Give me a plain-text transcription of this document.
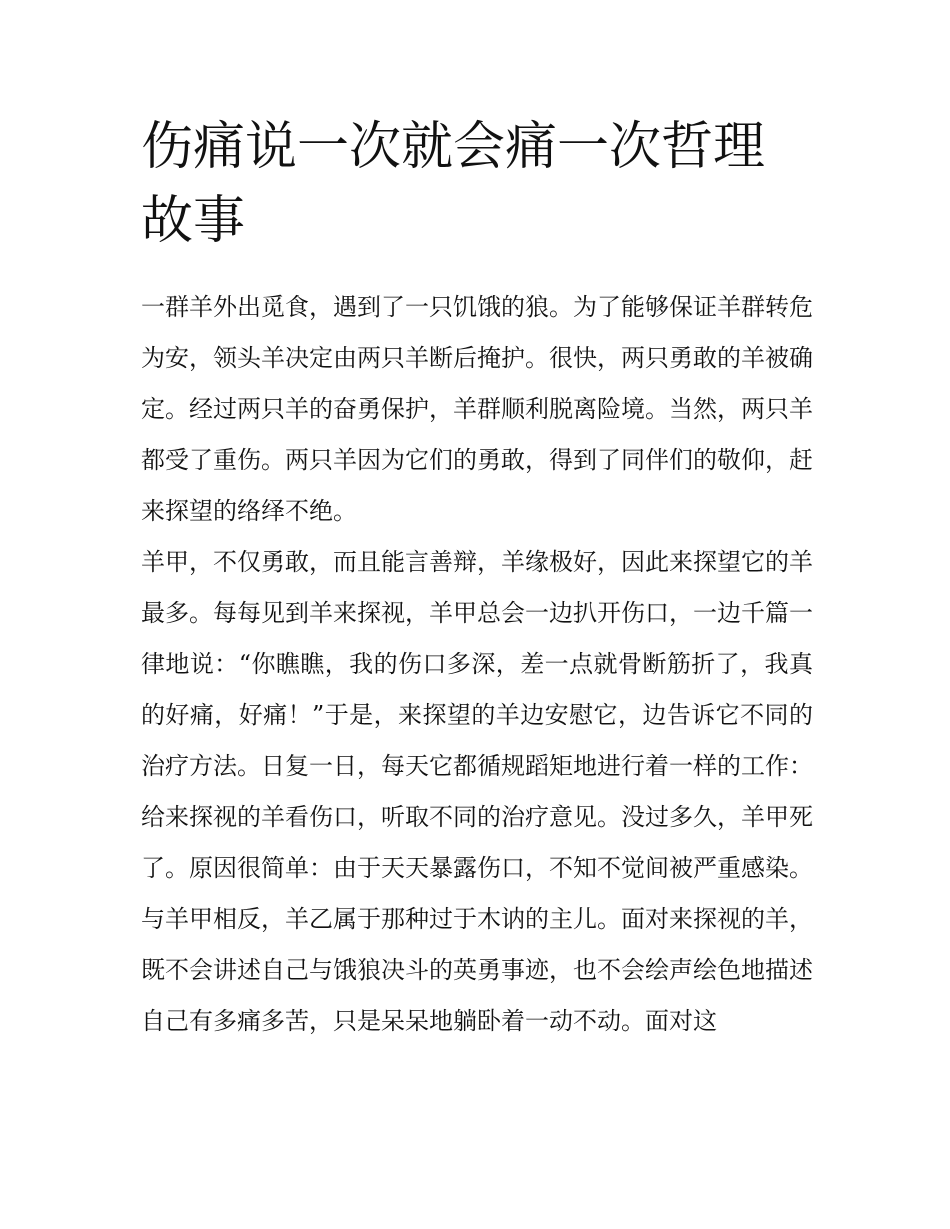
伤痛说一次就会痛一次哲理故事

一群羊外出觅食，遇到了一只饥饿的狼。为了能够保证羊群转危为安，领头羊决定由两只羊断后掩护。很快，两只勇敢的羊被确定。经过两只羊的奋勇保护，羊群顺利脱离险境。当然，两只羊都受了重伤。两只羊因为它们的勇敢，得到了同伴们的敬仰，赶来探望的络绎不绝。

羊甲，不仅勇敢，而且能言善辩，羊缘极好，因此来探望它的羊最多。每每见到羊来探视，羊甲总会一边扒开伤口，一边千篇一律地说：“你瞧瞧，我的伤口多深，差一点就骨断筋折了，我真的好痛，好痛！”于是，来探望的羊边安慰它，边告诉它不同的治疗方法。日复一日，每天它都循规蹈矩地进行着一样的工作：给来探视的羊看伤口，听取不同的治疗意见。没过多久，羊甲死了。原因很简单：由于天天暴露伤口，不知不觉间被严重感染。

与羊甲相反，羊乙属于那种过于木讷的主儿。面对来探视的羊，既不会讲述自己与饿狼决斗的英勇事迹，也不会绘声绘色地描述自己有多痛多苦，只是呆呆地躺卧着一动不动。面对这
